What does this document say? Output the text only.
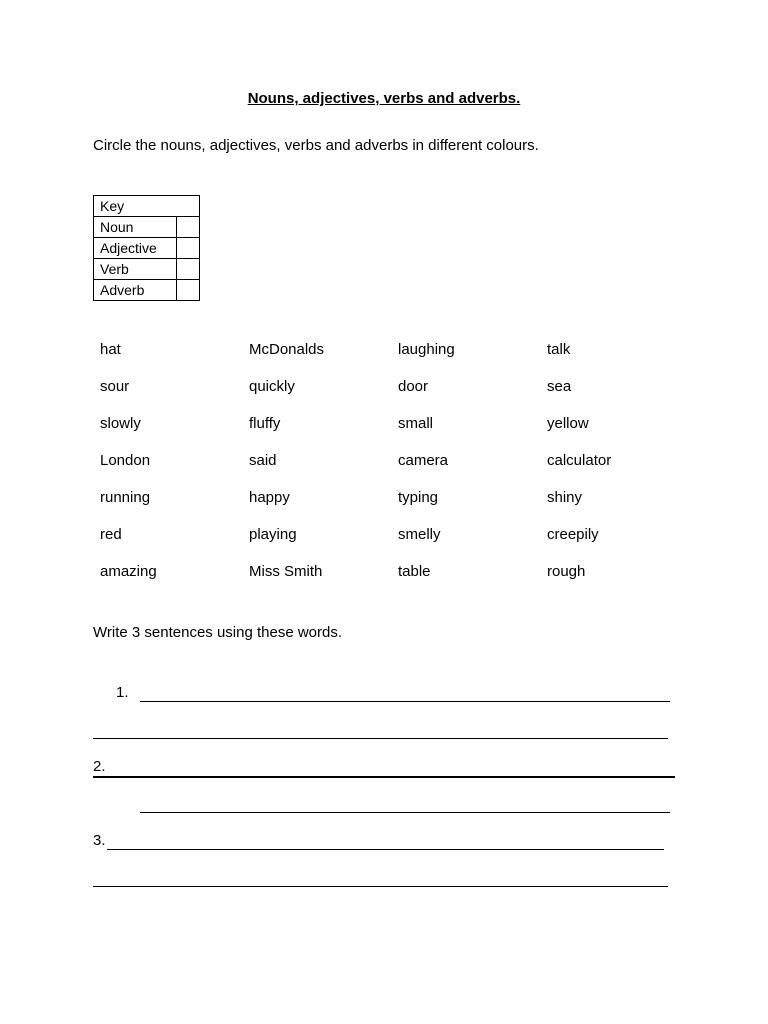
Nouns, adjectives, verbs and adverbs.
Circle the nouns, adjectives, verbs and adverbs in different colours.
Key	
Noun	
Adjective	
Verb	
Adverb	
hat	McDonalds	laughing	talk
sour	quickly	door	sea
slowly	fluffy	small	yellow
London	said	camera	calculator
running	happy	typing	shiny
red	playing	smelly	creepily
amazing	Miss Smith	table	rough
Write 3 sentences using these words.
1.
2.
3.
